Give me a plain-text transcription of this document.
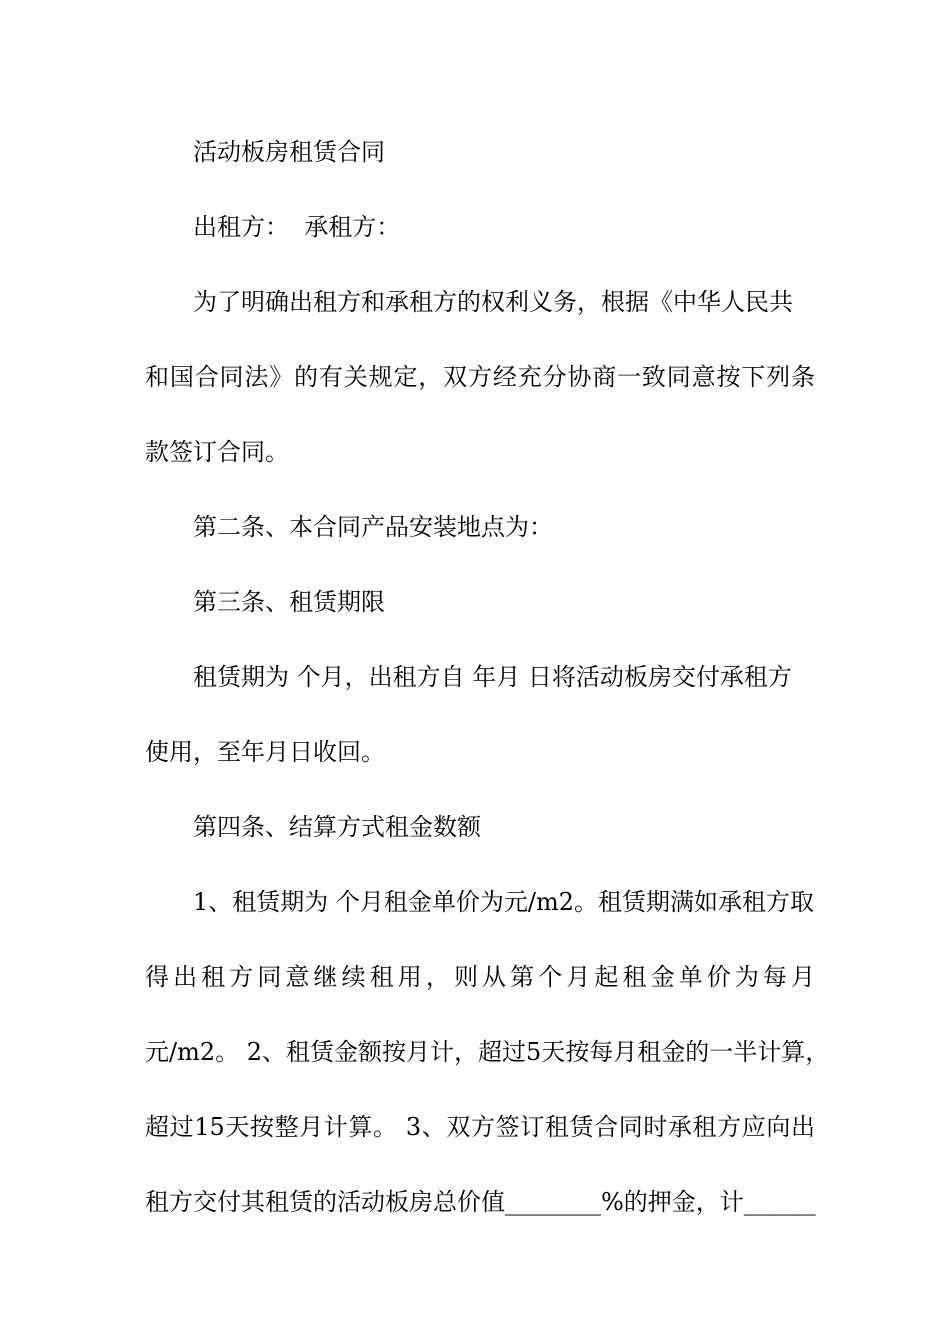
活动板房租赁合同
出租方：  承租方：
为了明确出租方和承租方的权利义务，根据《中华人民共
和国合同法》的有关规定，双方经充分协商一致同意按下列条
款签订合同。
第二条、本合同产品安装地点为：
第三条、租赁期限
租赁期为 个月，出租方自 年月 日将活动板房交付承租方
使用，至年月日收回。
第四条、结算方式租金数额
1、租赁期为 个月租金单价为元/m2。租赁期满如承租方取
得出租方同意继续租用，则从第个月起租金单价为每月
元/m2。 2、租赁金额按月计，超过5天按每月租金的一半计算，
超过15天按整月计算。 3、双方签订租赁合同时承租方应向出
租方交付其租赁的活动板房总价值________%的押金，计______
